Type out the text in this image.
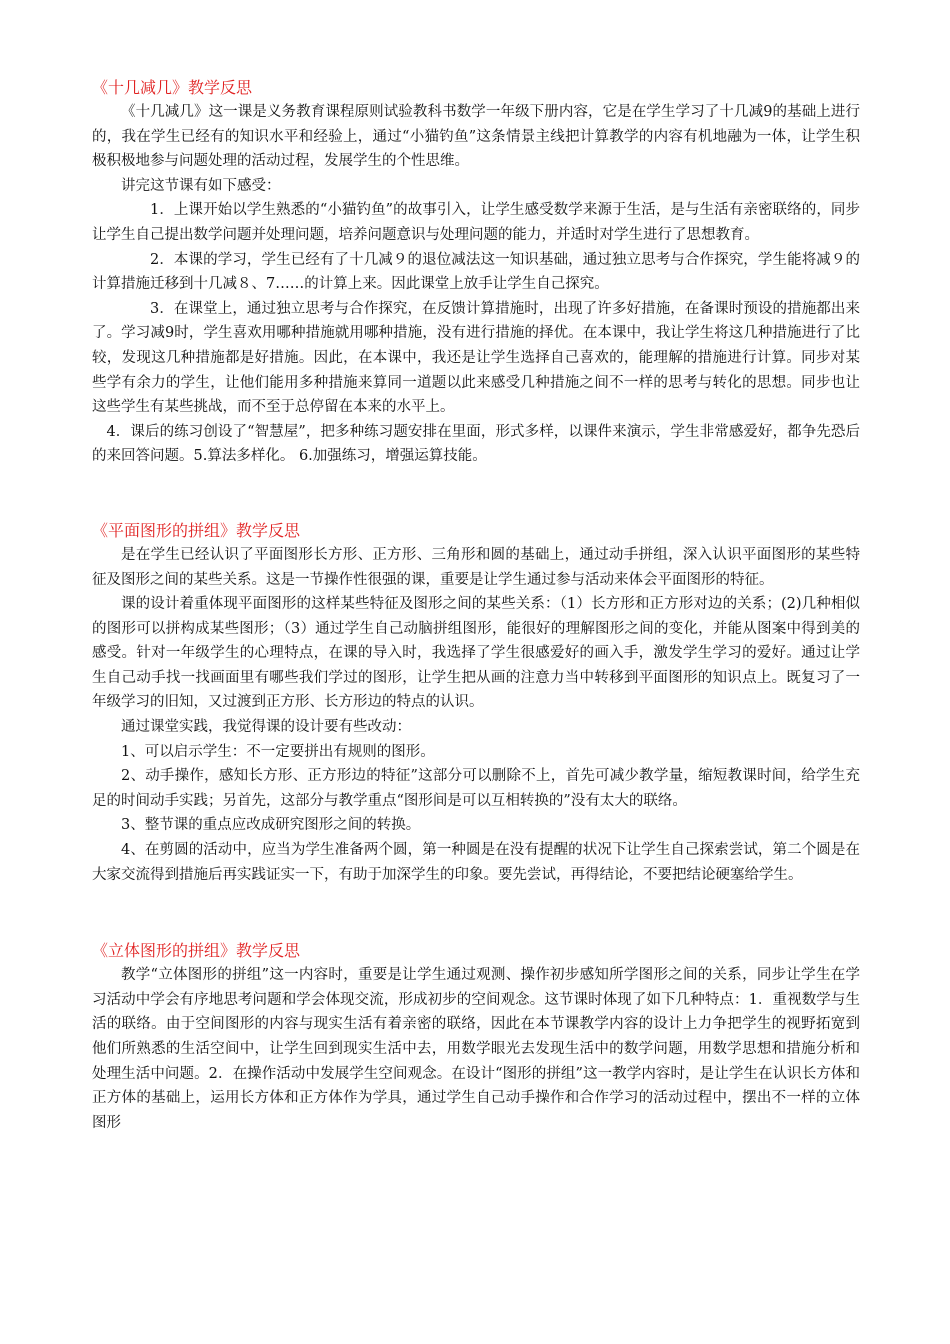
《十几减几》教学反思

《十几减几》这一课是义务教育课程原则试验教科书数学一年级下册内容，它是在学生学习了十几减9的基础上进行的，我在学生已经有的知识水平和经验上，通过“小猫钓鱼”这条情景主线把计算教学的内容有机地融为一体，让学生积极积极地参与问题处理的活动过程，发展学生的个性思维。

讲完这节课有如下感受：

1．上课开始以学生熟悉的“小猫钓鱼”的故事引入，让学生感受数学来源于生活，是与生活有亲密联络的，同步让学生自己提出数学问题并处理问题，培养问题意识与处理问题的能力，并适时对学生进行了思想教育。

2．本课的学习，学生已经有了十几减９的退位减法这一知识基础，通过独立思考与合作探究，学生能将减９的计算措施迁移到十几减８、7……的计算上来。因此课堂上放手让学生自己探究。

3．在课堂上，通过独立思考与合作探究，在反馈计算措施时，出现了许多好措施，在备课时预设的措施都出来了。学习减9时，学生喜欢用哪种措施就用哪种措施，没有进行措施的择优。在本课中，我让学生将这几种措施进行了比较，发现这几种措施都是好措施。因此，在本课中，我还是让学生选择自己喜欢的，能理解的措施进行计算。同步对某些学有余力的学生，让他们能用多种措施来算同一道题以此来感受几种措施之间不一样的思考与转化的思想。同步也让这些学生有某些挑战，而不至于总停留在本来的水平上。

4．课后的练习创设了“智慧屋”，把多种练习题安排在里面，形式多样，以课件来演示，学生非常感爱好，都争先恐后的来回答问题。5.算法多样化。 6.加强练习，增强运算技能。

《平面图形的拼组》教学反思

是在学生已经认识了平面图形长方形、正方形、三角形和圆的基础上，通过动手拼组，深入认识平面图形的某些特征及图形之间的某些关系。这是一节操作性很强的课，重要是让学生通过参与活动来体会平面图形的特征。

课的设计着重体现平面图形的这样某些特征及图形之间的某些关系：（1）长方形和正方形对边的关系；(2)几种相似的图形可以拼构成某些图形；（3）通过学生自己动脑拼组图形，能很好的理解图形之间的变化，并能从图案中得到美的感受。针对一年级学生的心理特点，在课的导入时，我选择了学生很感爱好的画入手，激发学生学习的爱好。通过让学生自己动手找一找画面里有哪些我们学过的图形，让学生把从画的注意力当中转移到平面图形的知识点上。既复习了一年级学习的旧知，又过渡到正方形、长方形边的特点的认识。

通过课堂实践，我觉得课的设计要有些改动：

1、可以启示学生：不一定要拼出有规则的图形。

2、动手操作，感知长方形、正方形边的特征”这部分可以删除不上，首先可减少教学量，缩短教课时间，给学生充足的时间动手实践；另首先，这部分与教学重点“图形间是可以互相转换的”没有太大的联络。

3、整节课的重点应改成研究图形之间的转换。

4、在剪圆的活动中，应当为学生准备两个圆，第一种圆是在没有提醒的状况下让学生自己探索尝试，第二个圆是在大家交流得到措施后再实践证实一下，有助于加深学生的印象。要先尝试，再得结论，不要把结论硬塞给学生。

《立体图形的拼组》教学反思

教学“立体图形的拼组”这一内容时，重要是让学生通过观测、操作初步感知所学图形之间的关系，同步让学生在学习活动中学会有序地思考问题和学会体现交流，形成初步的空间观念。这节课时体现了如下几种特点：1．重视数学与生活的联络。由于空间图形的内容与现实生活有着亲密的联络，因此在本节课教学内容的设计上力争把学生的视野拓宽到他们所熟悉的生活空间中，让学生回到现实生活中去，用数学眼光去发现生活中的数学问题，用数学思想和措施分析和处理生活中问题。2．在操作活动中发展学生空间观念。在设计“图形的拼组”这一教学内容时，是让学生在认识长方体和正方体的基础上，运用长方体和正方体作为学具，通过学生自己动手操作和合作学习的活动过程中，摆出不一样的立体图形
